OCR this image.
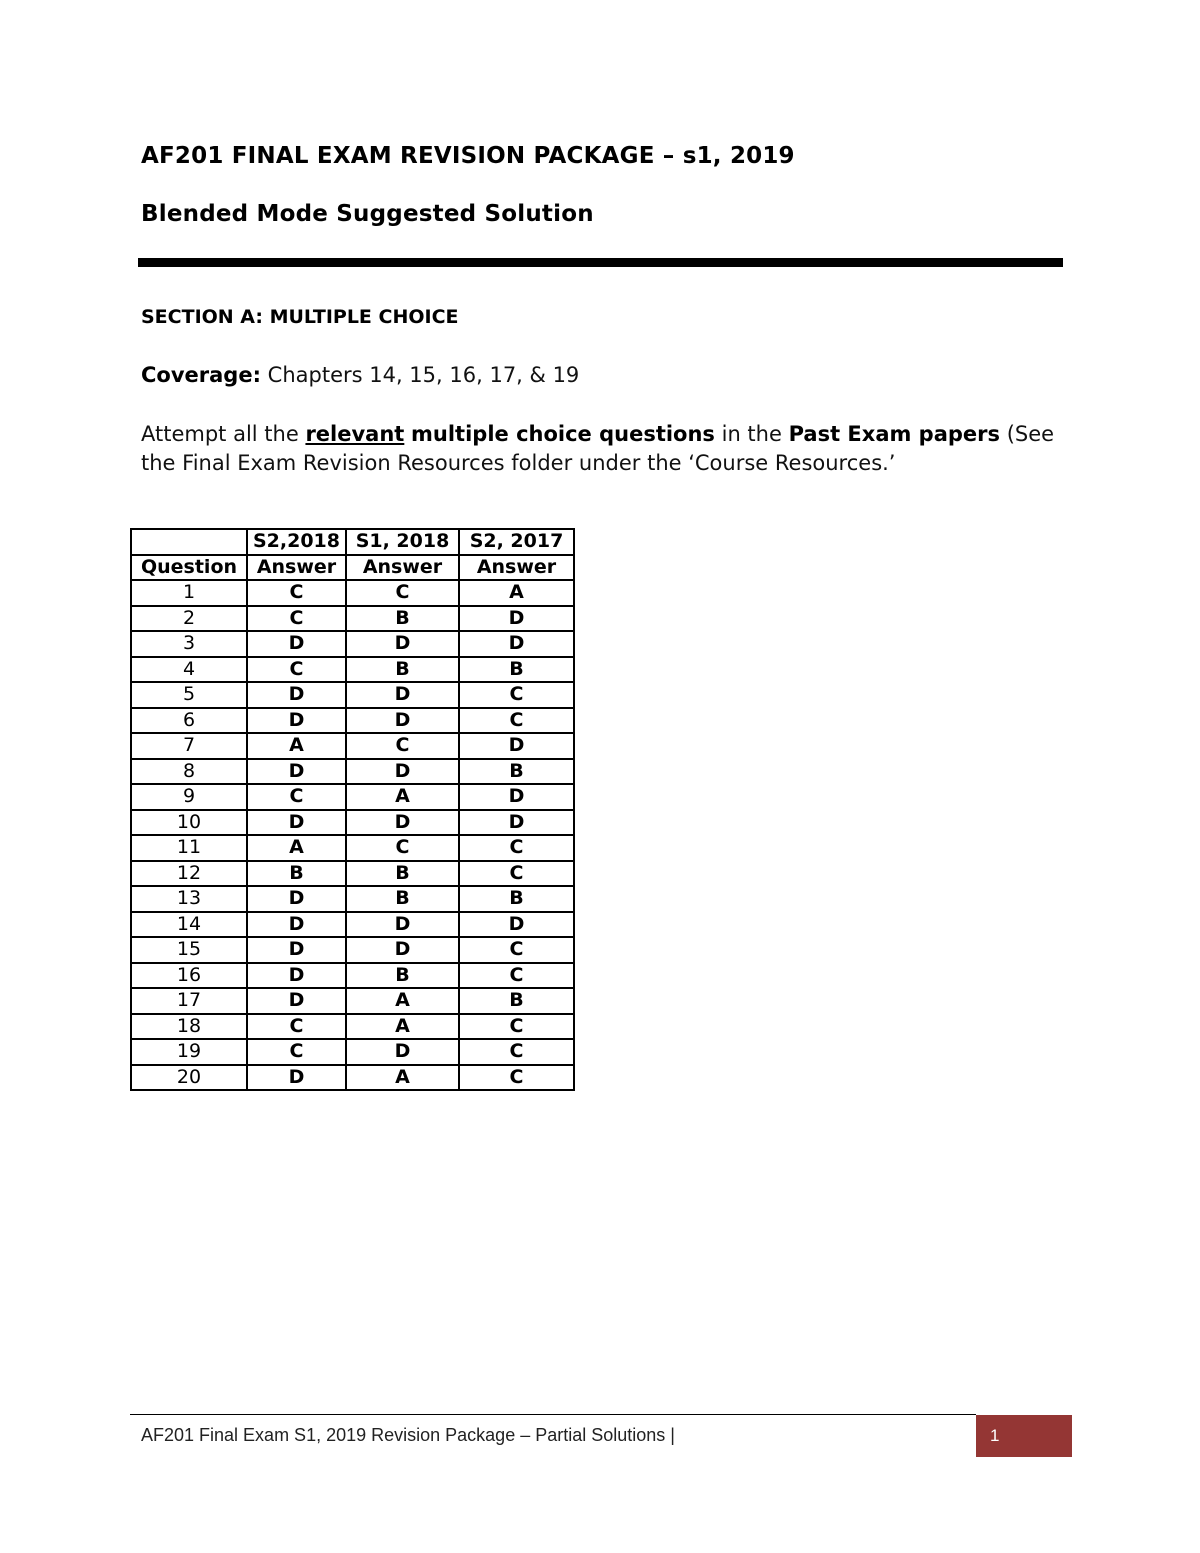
AF201 FINAL EXAM REVISION PACKAGE – s1, 2019
Blended Mode Suggested Solution
SECTION A: MULTIPLE CHOICE
Coverage: Chapters 14, 15, 16, 17, & 19
Attempt all the relevant multiple choice questions in the Past Exam papers (See the Final Exam Revision Resources folder under the ‘Course Resources.’
	S2,2018	S1, 2018	S2, 2017
Question	Answer	Answer	Answer
1	C	C	A
2	C	B	D
3	D	D	D
4	C	B	B
5	D	D	C
6	D	D	C
7	A	C	D
8	D	D	B
9	C	A	D
10	D	D	D
11	A	C	C
12	B	B	C
13	D	B	B
14	D	D	D
15	D	D	C
16	D	B	C
17	D	A	B
18	C	A	C
19	C	D	C
20	D	A	C
AF201 Final Exam S1, 2019 Revision Package – Partial Solutions |	1
